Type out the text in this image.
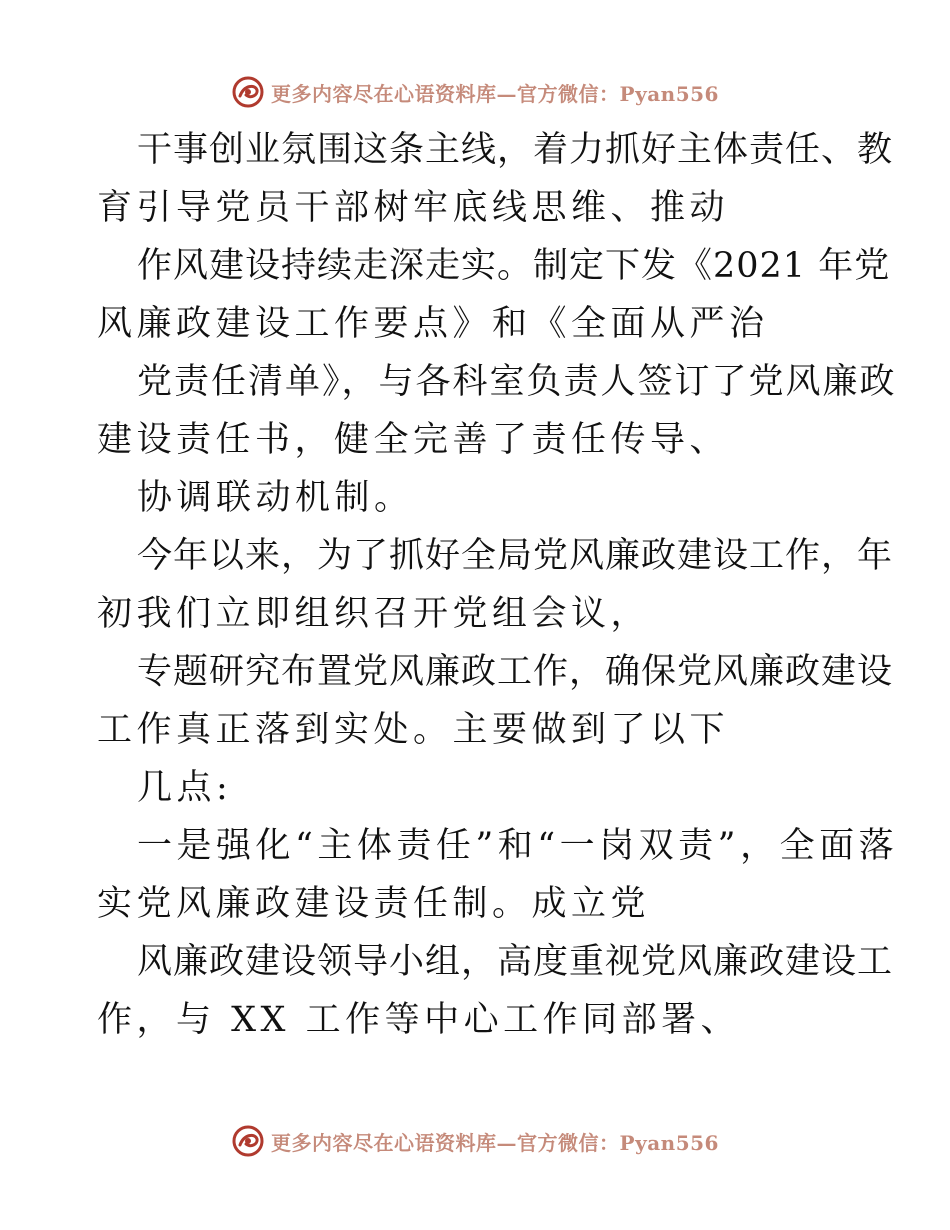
更多内容尽在心语资料库—官方微信：Pyan556
干事创业氛围这条主线，着力抓好主体责任、教
育引导党员干部树牢底线思维、推动
作风建设持续走深走实。制定下发《2021 年党
风廉政建设工作要点》和《全面从严治
党责任清单》，与各科室负责人签订了党风廉政
建设责任书，健全完善了责任传导、
协调联动机制。
今年以来，为了抓好全局党风廉政建设工作，年
初我们立即组织召开党组会议，
专题研究布置党风廉政工作，确保党风廉政建设
工作真正落到实处。主要做到了以下
几点:
一是强化“主体责任”和“一岗双责”，全面落
实党风廉政建设责任制。成立党
风廉政建设领导小组，高度重视党风廉政建设工
作，与 XX 工作等中心工作同部署、
更多内容尽在心语资料库—官方微信：Pyan556
